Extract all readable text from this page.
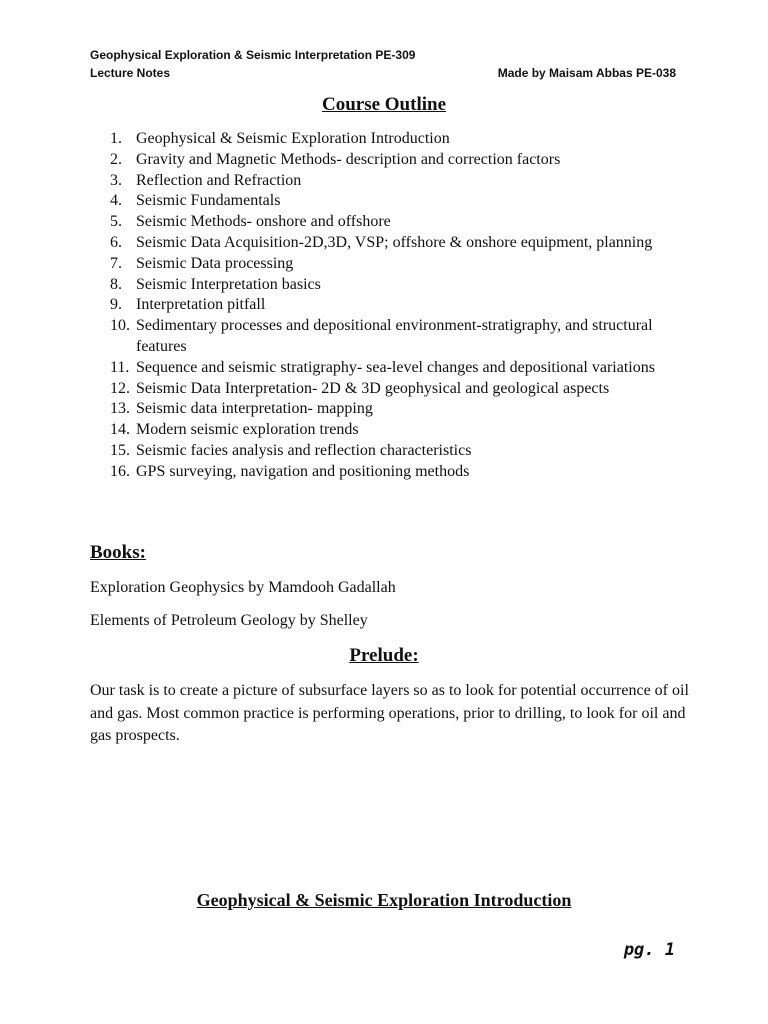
Geophysical Exploration & Seismic Interpretation PE-309
Lecture Notes	Made by Maisam Abbas PE-038
Course Outline
1. Geophysical & Seismic Exploration Introduction
2. Gravity and Magnetic Methods- description and correction factors
3. Reflection and Refraction
4. Seismic Fundamentals
5. Seismic Methods- onshore and offshore
6. Seismic Data Acquisition-2D,3D, VSP; offshore & onshore equipment, planning
7. Seismic Data processing
8. Seismic Interpretation basics
9. Interpretation pitfall
10. Sedimentary processes and depositional environment-stratigraphy, and structural features
11. Sequence and seismic stratigraphy- sea-level changes and depositional variations
12. Seismic Data Interpretation- 2D & 3D geophysical and geological aspects
13. Seismic data interpretation- mapping
14. Modern seismic exploration trends
15. Seismic facies analysis and reflection characteristics
16. GPS surveying, navigation and positioning methods
Books:
Exploration Geophysics by Mamdooh Gadallah
Elements of Petroleum Geology by Shelley
Prelude:

Our task is to create a picture of subsurface layers so as to look for potential occurrence of oil and gas. Most common practice is performing operations, prior to drilling, to look for oil and gas prospects.

Geophysical & Seismic Exploration Introduction
pg. 1
